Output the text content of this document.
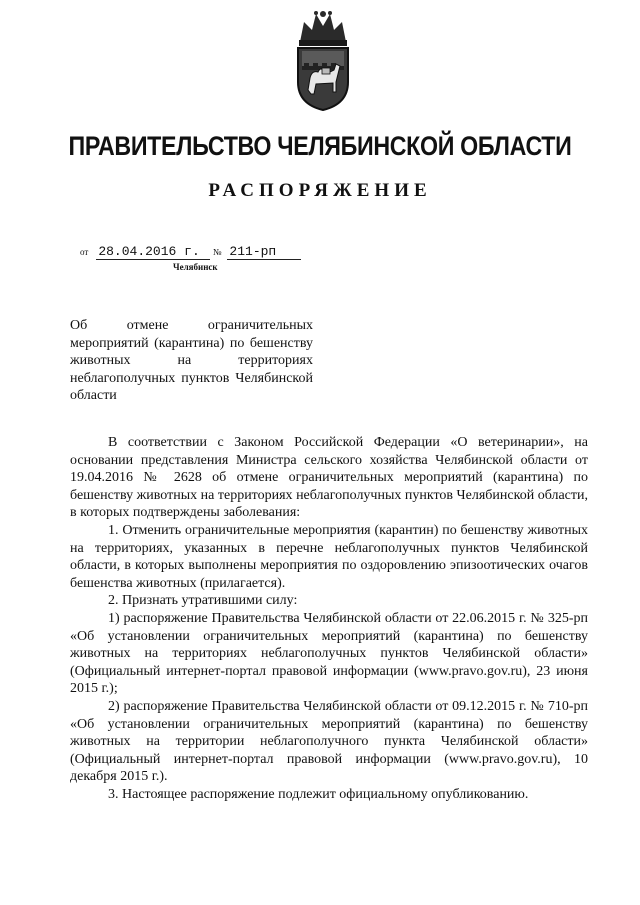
ПРАВИТЕЛЬСТВО ЧЕЛЯБИНСКОЙ ОБЛАСТИ
РАСПОРЯЖЕНИЕ
от 28.04.2016 г. № 211-рп
Челябинск
Об отмене ограничительных мероприятий (карантина) по бешенству животных на территориях неблагополучных пунктов Челябинской области

В соответствии с Законом Российской Федерации «О ветеринарии», на основании представления Министра сельского хозяйства Челябинской области от 19.04.2016 № 2628 об отмене ограничительных мероприятий (карантина) по бешенству животных на территориях неблагополучных пунктов Челябинской области, в которых подтверждены заболевания:

1. Отменить ограничительные мероприятия (карантин) по бешенству животных на территориях, указанных в перечне неблагополучных пунктов Челябинской области, в которых выполнены мероприятия по оздоровлению эпизоотических очагов бешенства животных (прилагается).

2. Признать утратившими силу:

1) распоряжение Правительства Челябинской области от 22.06.2015 г. № 325-рп «Об установлении ограничительных мероприятий (карантина) по бешенству животных на территориях неблагополучных пунктов Челябинской области» (Официальный интернет-портал правовой информации (www.pravo.gov.ru), 23 июня 2015 г.);

2) распоряжение Правительства Челябинской области от 09.12.2015 г. № 710-рп «Об установлении ограничительных мероприятий (карантина) по бешенству животных на территории неблагополучного пункта Челябинской области» (Официальный интернет-портал правовой информации (www.pravo.gov.ru), 10 декабря 2015 г.).

3. Настоящее распоряжение подлежит официальному опубликованию.
